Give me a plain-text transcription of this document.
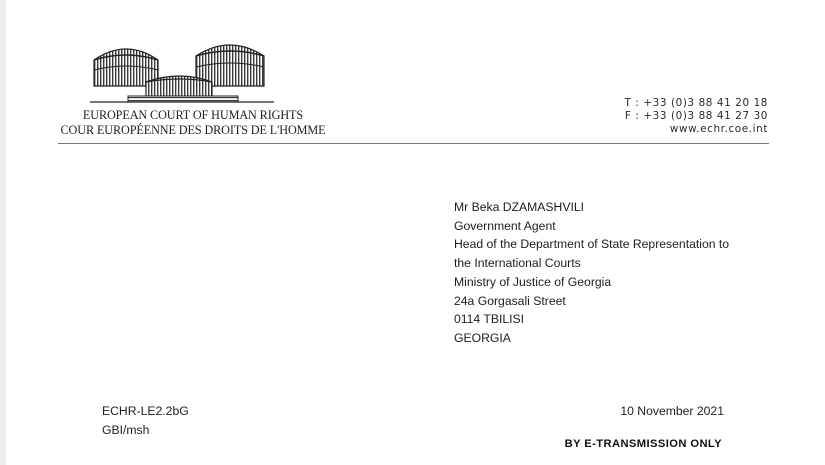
EUROPEAN COURT OF HUMAN RIGHTS
COUR EUROPÉENNE DES DROITS DE L'HOMME
T : +33 (0)3 88 41 20 18
F : +33 (0)3 88 41 27 30
www.echr.coe.int
Mr Beka DZAMASHVILI
Government Agent
Head of the Department of State Representation to
the International Courts
Ministry of Justice of Georgia
24a Gorgasali Street
0114 TBILISI
GEORGIA
ECHR-LE2.2bG
GBI/msh
10 November 2021
BY E-TRANSMISSION ONLY
